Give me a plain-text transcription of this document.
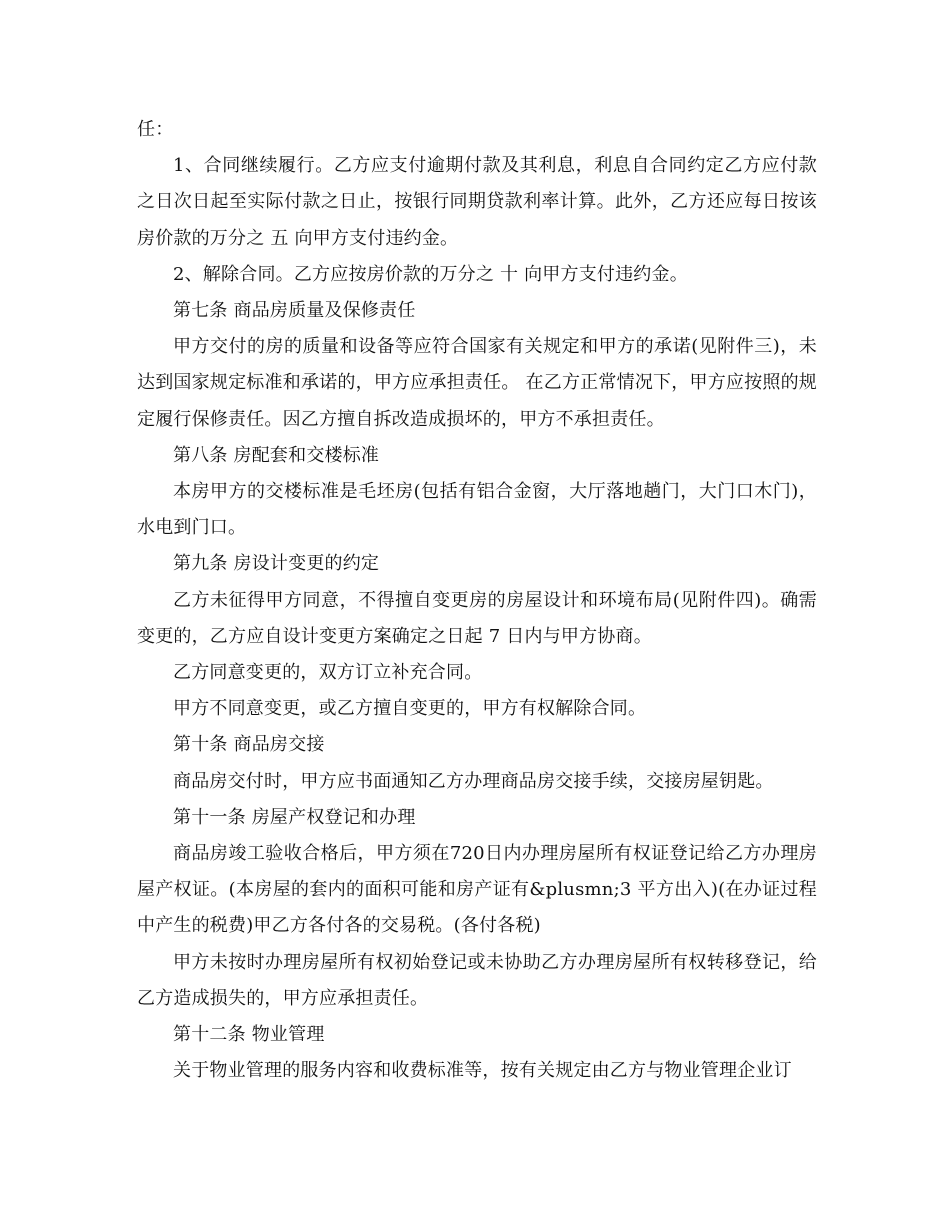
任：

1、合同继续履行。乙方应支付逾期付款及其利息，利息自合同约定乙方应付款之日次日起至实际付款之日止，按银行同期贷款利率计算。此外，乙方还应每日按该房价款的万分之 五 向甲方支付违约金。

2、解除合同。乙方应按房价款的万分之 十 向甲方支付违约金。

第七条 商品房质量及保修责任

甲方交付的房的质量和设备等应符合国家有关规定和甲方的承诺(见附件三)，未达到国家规定标准和承诺的，甲方应承担责任。 在乙方正常情况下，甲方应按照的规定履行保修责任。因乙方擅自拆改造成损坏的，甲方不承担责任。

第八条 房配套和交楼标准

本房甲方的交楼标准是毛坯房(包括有铝合金窗，大厅落地趟门，大门口木门)，水电到门口。

第九条 房设计变更的约定

乙方未征得甲方同意，不得擅自变更房的房屋设计和环境布局(见附件四)。确需变更的，乙方应自设计变更方案确定之日起 7 日内与甲方协商。

乙方同意变更的，双方订立补充合同。

甲方不同意变更，或乙方擅自变更的，甲方有权解除合同。

第十条 商品房交接

商品房交付时，甲方应书面通知乙方办理商品房交接手续，交接房屋钥匙。

第十一条 房屋产权登记和办理

商品房竣工验收合格后，甲方须在720日内办理房屋所有权证登记给乙方办理房屋产权证。(本房屋的套内的面积可能和房产证有&plusmn;3 平方出入)(在办证过程中产生的税费)甲乙方各付各的交易税。(各付各税)

甲方未按时办理房屋所有权初始登记或未协助乙方办理房屋所有权转移登记，给乙方造成损失的，甲方应承担责任。

第十二条 物业管理

关于物业管理的服务内容和收费标准等，按有关规定由乙方与物业管理企业订
